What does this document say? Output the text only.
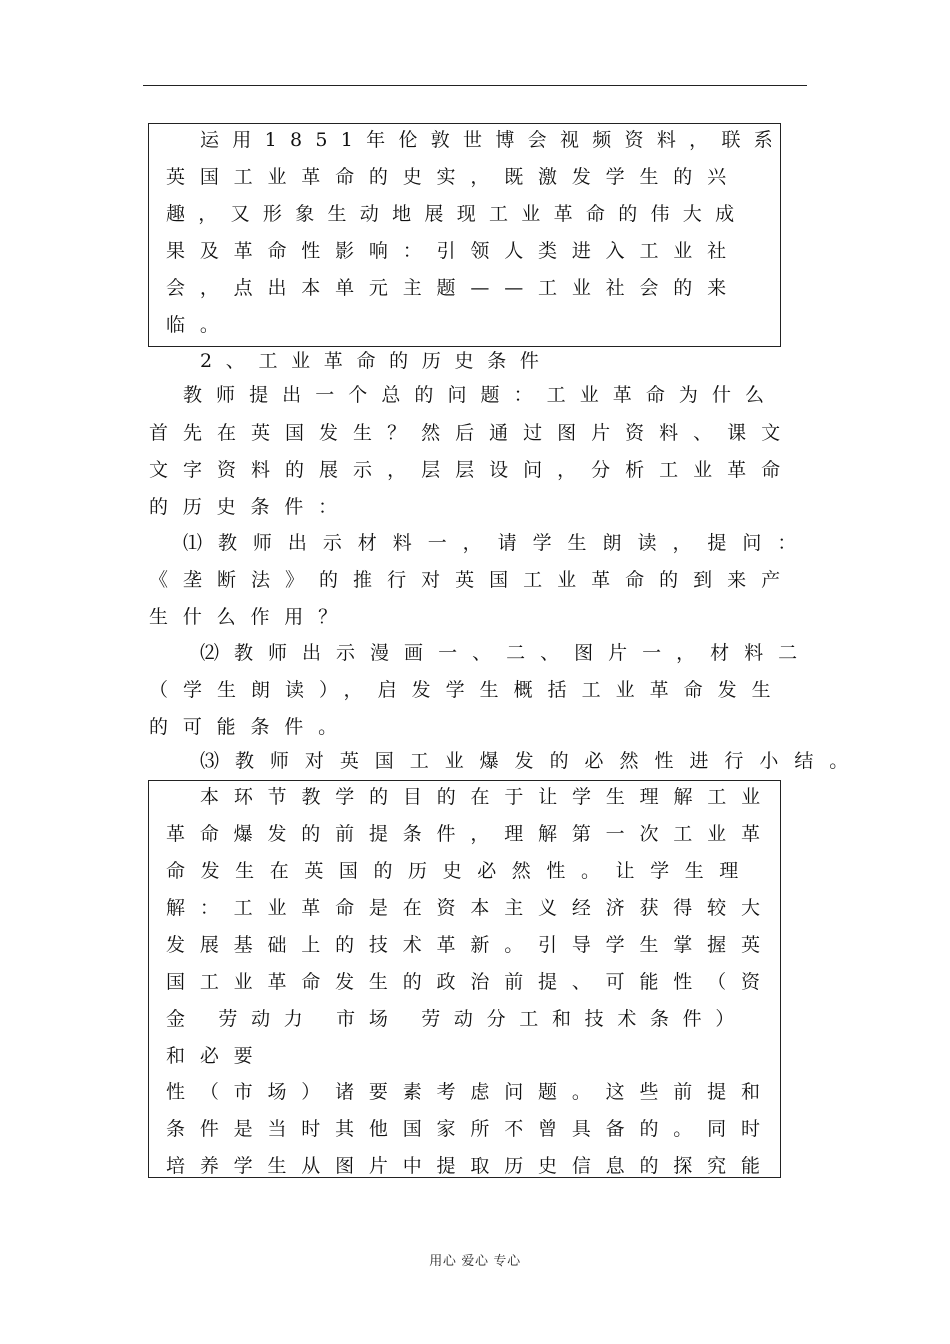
运用1851年伦敦世博会视频资料，联系
英国工业革命的史实，既激发学生的兴
趣，又形象生动地展现工业革命的伟大成
果及革命性影响：引领人类进入工业社
会，点出本单元主题——工业社会的来
临。
2、工业革命的历史条件
教师提出一个总的问题：工业革命为什么
首先在英国发生？然后通过图片资料、课文
文字资料的展示，层层设问，分析工业革命
的历史条件：
⑴教师出示材料一，请学生朗读，提问：
《垄断法》的推行对英国工业革命的到来产
生什么作用？
⑵教师出示漫画一、二、图片一，材料二
（学生朗读），启发学生概括工业革命发生
的可能条件。
⑶教师对英国工业爆发的必然性进行小结。
本环节教学的目的在于让学生理解工业
革命爆发的前提条件，理解第一次工业革
命发生在英国的历史必然性。让学生理
解：工业革命是在资本主义经济获得较大
发展基础上的技术革新。引导学生掌握英
国工业革命发生的政治前提、可能性（资
金 劳动力 市场 劳动分工和技术条件）
和必要
性（市场）诸要素考虑问题。这些前提和
条件是当时其他国家所不曾具备的。同时
培养学生从图片中提取历史信息的探究能
用心 爱心 专心
